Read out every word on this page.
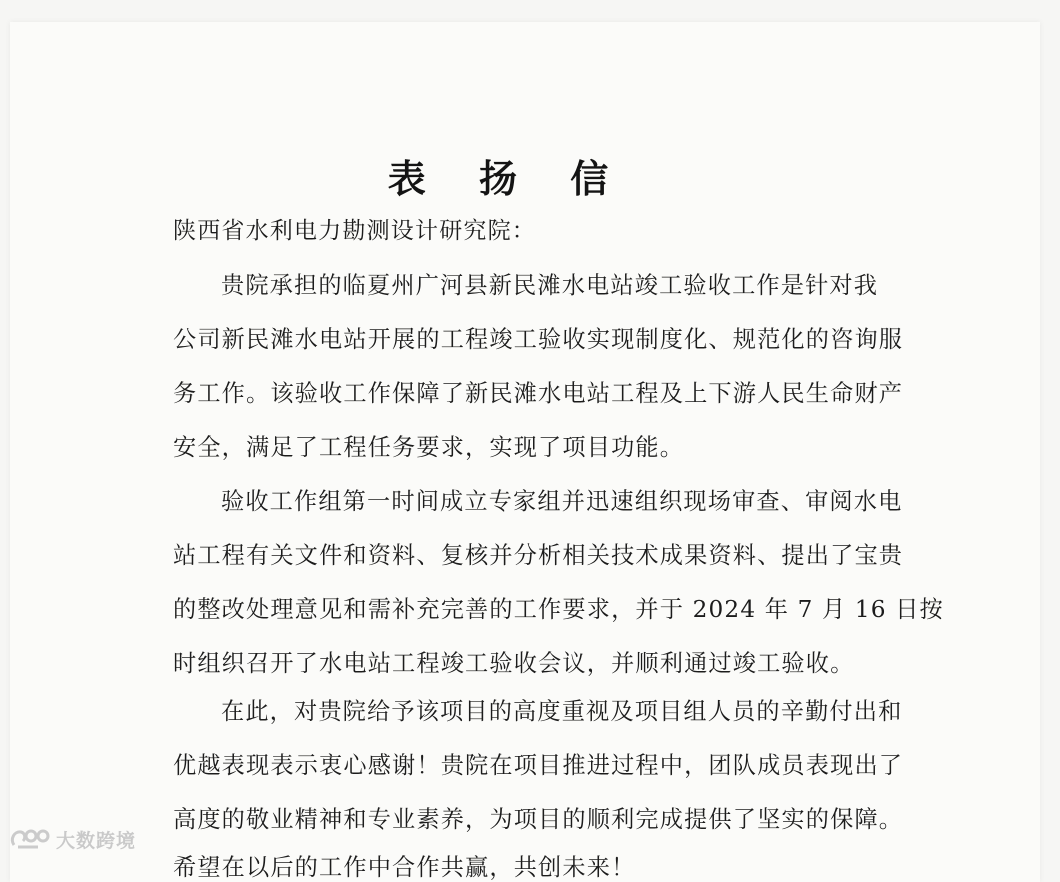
表 扬 信
陕西省水利电力勘测设计研究院：
贵院承担的临夏州广河县新民滩水电站竣工验收工作是针对我
公司新民滩水电站开展的工程竣工验收实现制度化、规范化的咨询服
务工作。该验收工作保障了新民滩水电站工程及上下游人民生命财产
安全，满足了工程任务要求，实现了项目功能。
验收工作组第一时间成立专家组并迅速组织现场审查、审阅水电
站工程有关文件和资料、复核并分析相关技术成果资料、提出了宝贵
的整改处理意见和需补充完善的工作要求，并于 2024 年 7 月 16 日按
时组织召开了水电站工程竣工验收会议，并顺利通过竣工验收。
在此，对贵院给予该项目的高度重视及项目组人员的辛勤付出和
优越表现表示衷心感谢！贵院在项目推进过程中，团队成员表现出了
高度的敬业精神和专业素养，为项目的顺利完成提供了坚实的保障。
希望在以后的工作中合作共赢，共创未来！
大数跨境
